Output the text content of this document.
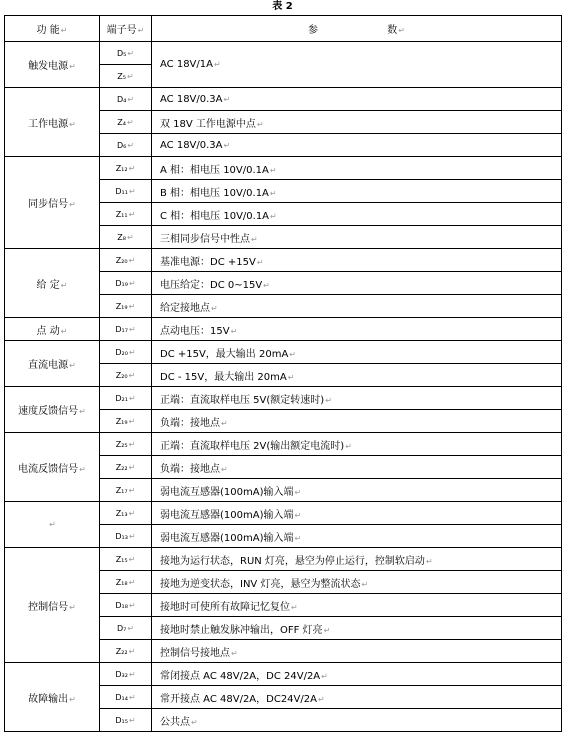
表 2
功 能↵	端子号↵	参 数↵
触发电源↵	D₅↵	AC 18V/1A↵
	Z₅↵	
工作电源↵	D₄↵	AC 18V/0.3A↵
	Z₄↵	双 18V 工作电源中点↵
	D₆↵	AC 18V/0.3A↵
同步信号↵	Z₁₂↵	A 相：相电压 10V/0.1A↵
	D₁₁↵	B 相：相电压 10V/0.1A↵
	Z₁₁↵	C 相：相电压 10V/0.1A↵
	Z₈↵	三相同步信号中性点↵
给 定↵	Z₂₀↵	基准电源：DC +15V↵
	D₁₉↵	电压给定：DC 0~15V↵
	Z₁₉↵	给定接地点↵
点 动↵	D₁₇↵	点动电压：15V↵
直流电源↵	D₂₀↵	DC +15V，最大输出 20mA↵
	Z₂₀↵	DC - 15V，最大输出 20mA↵
速度反馈信号↵	D₂₁↵	正端：直流取样电压 5V(额定转速时)↵
	Z₁₉↵	负端：接地点↵
电流反馈信号↵	Z₂₅↵	正端：直流取样电压 2V(输出额定电流时)↵
	Z₂₂↵	负端：接地点↵
	Z₁₇↵	弱电流互感器(100mA)输入端↵
↵	Z₁₃↵	弱电流互感器(100mA)输入端↵
	D₁₃↵	弱电流互感器(100mA)输入端↵
控制信号↵	Z₁₅↵	接地为运行状态，RUN 灯亮，悬空为停止运行，控制软启动↵
	Z₁₈↵	接地为逆变状态，INV 灯亮，悬空为整流状态↵
	D₁₈↵	接地时可使所有故障记忆复位↵
	D₇↵	接地时禁止触发脉冲输出，OFF 灯亮↵
	Z₂₂↵	控制信号接地点↵
故障输出↵	D₃₂↵	常闭接点 AC 48V/2A，DC 24V/2A↵
	D₁₄↵	常开接点 AC 48V/2A，DC24V/2A↵
	D₁₅↵	公共点↵
